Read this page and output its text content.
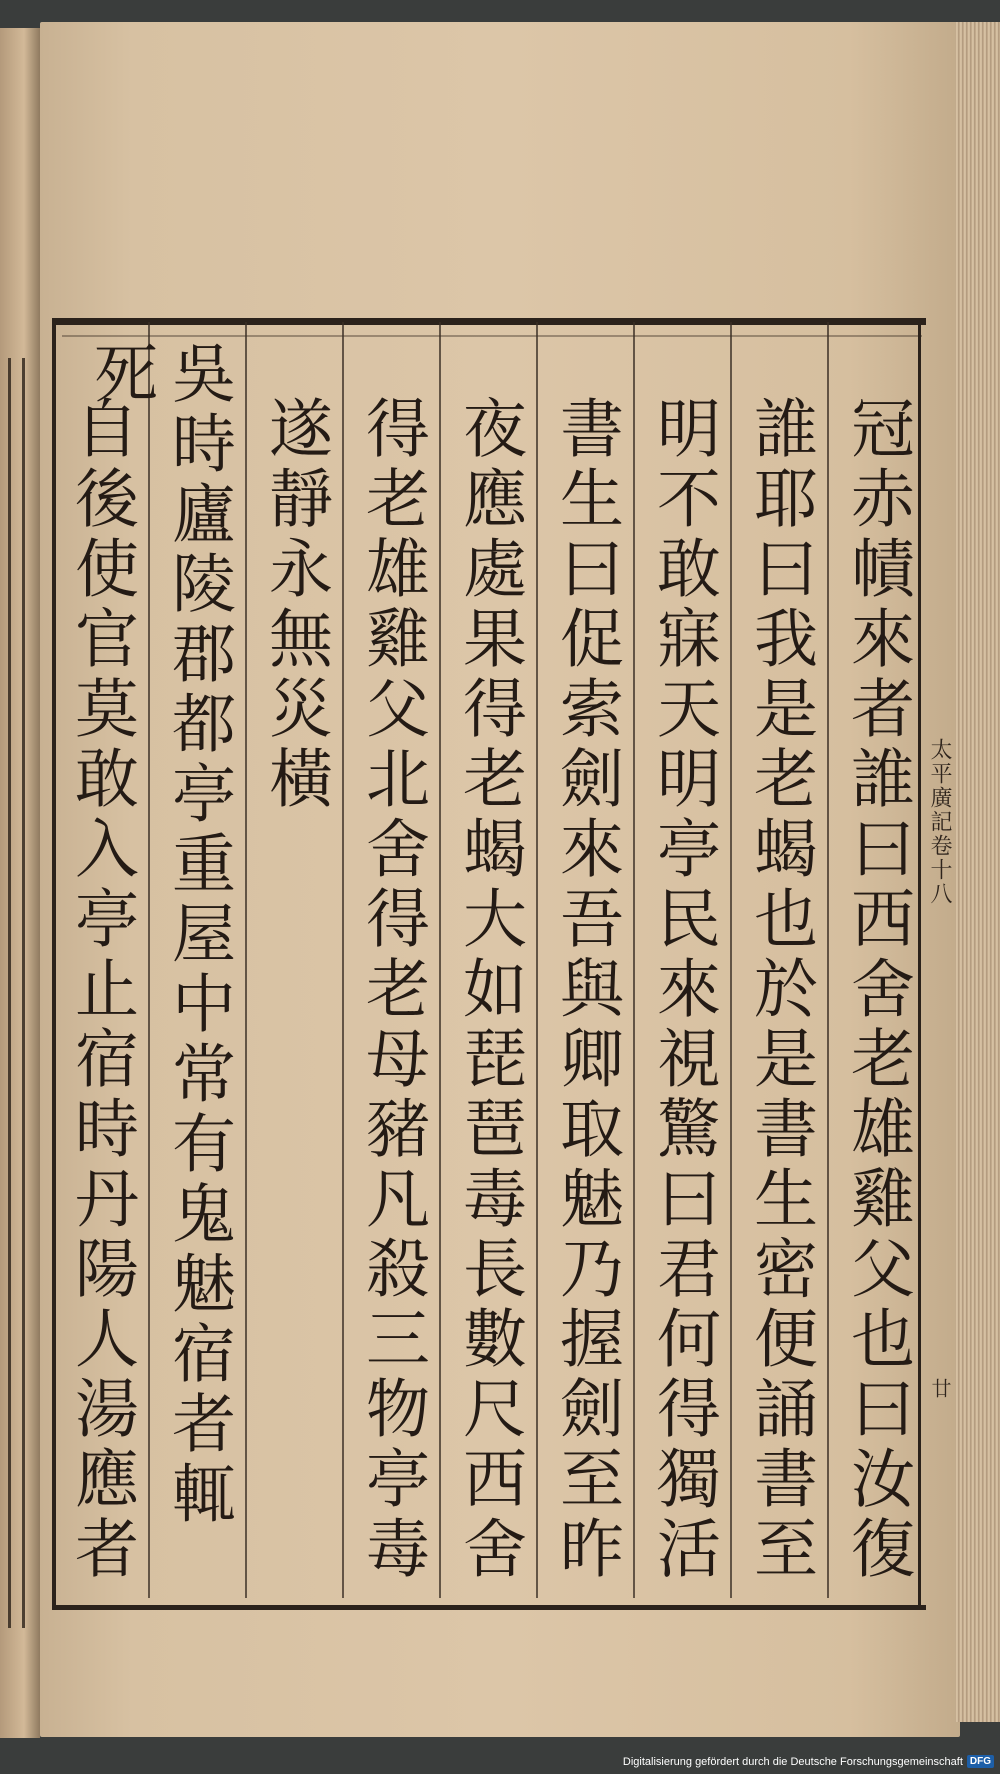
太平廣記卷十八
廿
冠赤幘來者誰曰西舍老雄雞父也曰汝復
誰耶曰我是老蝎也於是書生密便誦書至
明不敢寐天明亭民來視驚曰君何得獨活
書生曰促索劍來吾與卿取魅乃握劍至昨
夜應處果得老蝎大如琵琶毒長數尺西舍
得老雄雞父北舍得老母豬凡殺三物亭毒
遂靜永無災橫
吳時廬陵郡都亭重屋中常有鬼魅宿者輒死
自後使官莫敢入亭止宿時丹陽人湯應者
Digitalisierung gefördert durch die Deutsche Forschungsgemeinschaft DFG
